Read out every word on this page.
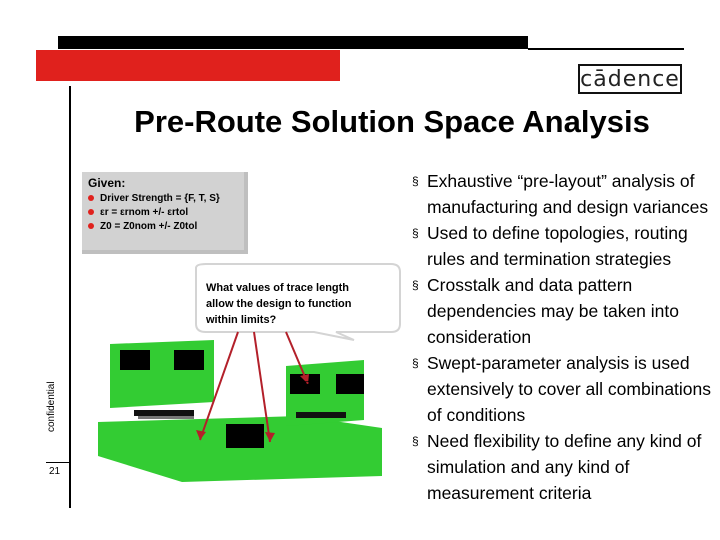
cādence
Pre-Route Solution Space Analysis
confidential
21
Given:
Driver Strength = {F, T, S}
εr = εrnom +/- εrtol
Z0 = Z0nom +/- Z0tol
What values of trace length
allow the design to function
within limits?
P1	P2
P3	P4
CS
§ Exhaustive “pre-layout” analysis of manufacturing and design variances
§ Used to define topologies, routing rules and termination strategies
§ Crosstalk and data pattern dependencies may be taken into consideration
§ Swept-parameter analysis is used extensively to cover all combinations of conditions
§ Need flexibility to define any kind of simulation and any kind of measurement criteria
